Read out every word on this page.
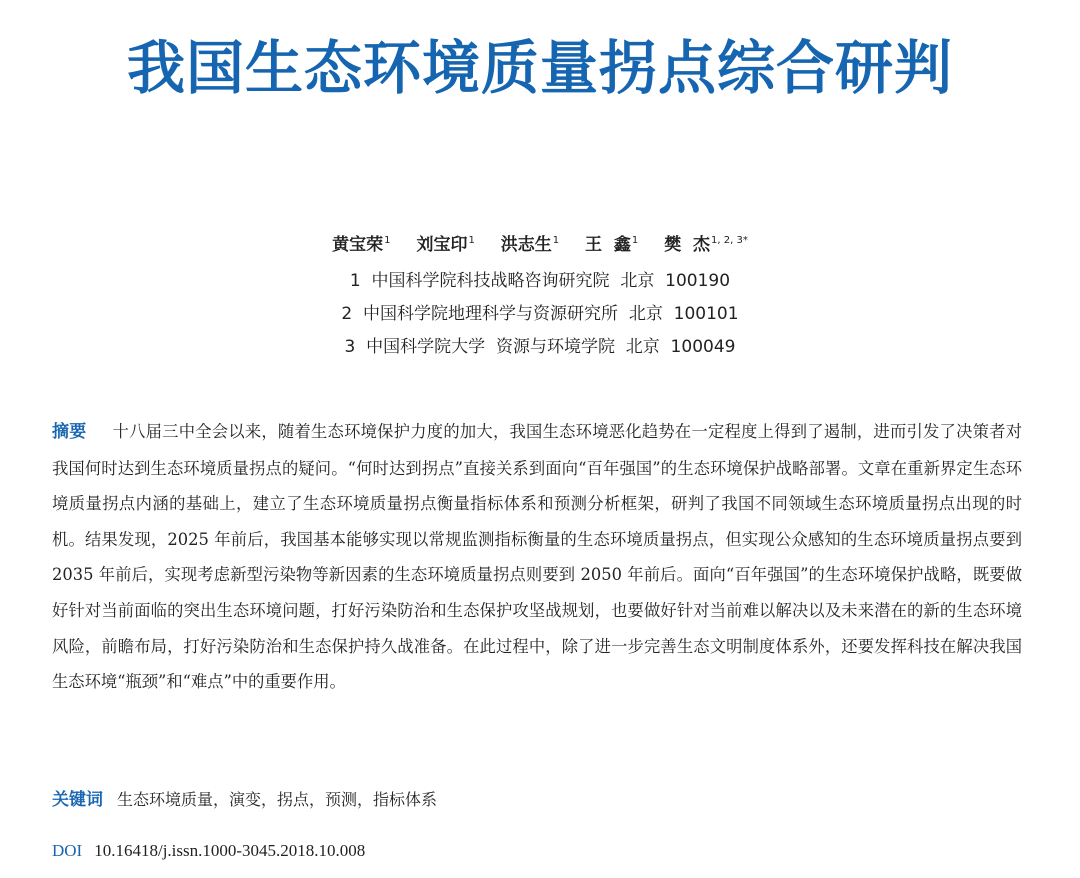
我国生态环境质量拐点综合研判
黄宝荣$^1$ 刘宝印$^1$ 洪志生$^1$ 王  鑫$^1$ 樊  杰$^{1, 2, 3*}$
1  中国科学院科技战略咨询研究院  北京  100190
2  中国科学院地理科学与资源研究所  北京  100101
3  中国科学院大学  资源与环境学院  北京  100049
摘要 十八届三中全会以来，随着生态环境保护力度的加大，我国生态环境恶化趋势在一定程度上得到了遏制，进而引发了决策者对我国何时达到生态环境质量拐点的疑问。“何时达到拐点”直接关系到面向“百年强国”的生态环境保护战略部署。文章在重新界定生态环境质量拐点内涵的基础上，建立了生态环境质量拐点衡量指标体系和预测分析框架，研判了我国不同领域生态环境质量拐点出现的时机。结果发现，2025 年前后，我国基本能够实现以常规监测指标衡量的生态环境质量拐点，但实现公众感知的生态环境质量拐点要到 2035 年前后，实现考虑新型污染物等新因素的生态环境质量拐点则要到 2050 年前后。面向“百年强国”的生态环境保护战略，既要做好针对当前面临的突出生态环境问题，打好污染防治和生态保护攻坚战规划，也要做好针对当前难以解决以及未来潜在的新的生态环境风险，前瞻布局，打好污染防治和生态保护持久战准备。在此过程中，除了进一步完善生态文明制度体系外，还要发挥科技在解决我国生态环境“瓶颈”和“难点”中的重要作用。
关键词 生态环境质量，演变，拐点，预测，指标体系
DOI 10.16418/j.issn.1000-3045.2018.10.008
